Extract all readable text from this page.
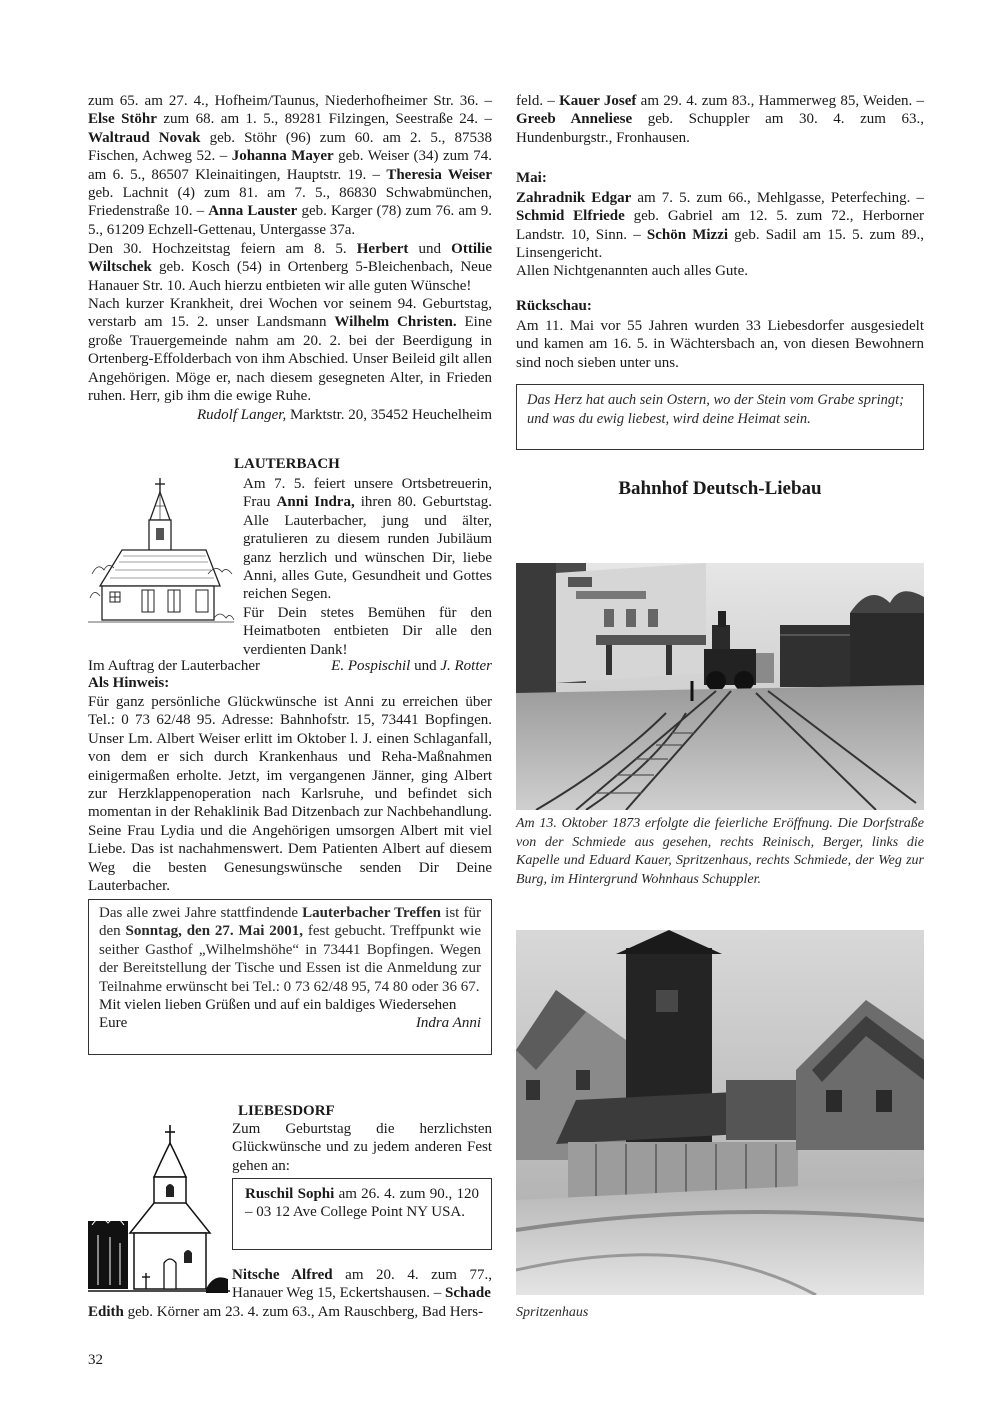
zum 65. am 27. 4., Hofheim/Taunus, Niederhofheimer Str. 36. –Else Stöhr zum 68. am 1. 5., 89281 Filzingen, Seestraße 24. –Waltraud Novak geb. Stöhr (96) zum 60. am 2. 5., 87538 Fischen, Achweg 52. – Johanna Mayer geb. Weiser (34) zum 74. am 6. 5., 86507 Kleinaitingen, Hauptstr. 19. – Theresia Weiser geb. Lachnit (4) zum 81. am 7. 5., 86830 Schwabmünchen, Friedenstraße 10. – Anna Lauster geb. Karger (78) zum 76. am 9. 5., 61209 Echzell-Gettenau, Untergasse 37a.

Den 30. Hochzeitstag feiern am 8. 5. Herbert und Ottilie Wiltschek geb. Kosch (54) in Ortenberg 5-Bleichenbach, Neue Hanauer Str. 10. Auch hierzu entbieten wir alle guten Wünsche!

Nach kurzer Krankheit, drei Wochen vor seinem 94. Geburtstag, verstarb am 15. 2. unser Landsmann Wilhelm Christen. Eine große Trauergemeinde nahm am 20. 2. bei der Beerdigung in Ortenberg-Effolderbach von ihm Abschied. Unser Beileid gilt allen Angehörigen. Möge er, nach diesem gesegneten Alter, in Frieden ruhen. Herr, gib ihm die ewige Ruhe.

Rudolf Langer, Marktstr. 20, 35452 Heuchelheim
LAUTERBACH

Am 7. 5. feiert unsere Ortsbetreuerin, Frau Anni Indra, ihren 80. Geburtstag. Alle Lauterbacher, jung und älter, gratulieren zu diesem runden Jubiläum ganz herzlich und wünschen Dir, liebe Anni, alles Gute, Gesundheit und Gottes reichen Segen.

Für Dein stetes Bemühen für den Heimatboten entbieten Dir alle den verdienten Dank!

Im Auftrag der Lauterbacher	E. Pospischil und J. Rotter
Als Hinweis:

Für ganz persönliche Glückwünsche ist Anni zu erreichen über Tel.: 0 73 62/48 95. Adresse: Bahnhofstr. 15, 73441 Bopfingen. Unser Lm. Albert Weiser erlitt im Oktober l. J. einen Schlaganfall, von dem er sich durch Krankenhaus und Reha-Maßnahmen einigermaßen erholte. Jetzt, im vergangenen Jänner, ging Albert zur Herzklappenoperation nach Karlsruhe, und befindet sich momentan in der Rehaklinik Bad Ditzenbach zur Nachbehandlung. Seine Frau Lydia und die Angehörigen umsorgen Albert mit viel Liebe. Das ist nachahmenswert. Dem Patienten Albert auf diesem Weg die besten Genesungswünsche senden Dir Deine Lauterbacher.

Das alle zwei Jahre stattfindende Lauterbacher Treffen ist für den Sonntag, den 27. Mai 2001, fest gebucht. Treffpunkt wie seither Gasthof „Wilhelmshöhe“ in 73441 Bopfingen. Wegen der Bereitstellung der Tische und Essen ist die Anmeldung zur Teilnahme erwünscht bei Tel.: 0 73 62/48 95, 74 80 oder 36 67.

Mit vielen lieben Grüßen und auf ein baldiges Wiedersehen

Eure	Indra Anni
LIEBESDORF

Zum Geburtstag die herzlichsten Glückwünsche und zu jedem anderen Fest gehen an:

Ruschil Sophi am 26. 4. zum 90., 120 – 03 12 Ave College Point NY USA.

Nitsche Alfred am 20. 4. zum 77., Hanauer Weg 15, Eckertshausen. – Schade

Edith geb. Körner am 23. 4. zum 63., Am Rauschberg, Bad Hers-

32

feld. – Kauer Josef am 29. 4. zum 83., Hammerweg 85, Weiden. – Greeb Anneliese geb. Schuppler am 30. 4. zum 63., Hundenburgstr., Fronhausen.

Mai:

Zahradnik Edgar am 7. 5. zum 66., Mehlgasse, Peterfeching. – Schmid Elfriede geb. Gabriel am 12. 5. zum 72., Herborner Landstr. 10, Sinn. – Schön Mizzi geb. Sadil am 15. 5. zum 89., Linsengericht.

Allen Nichtgenannten auch alles Gute.

Rückschau:

Am 11. Mai vor 55 Jahren wurden 33 Liebesdorfer ausgesiedelt und kamen am 16. 5. in Wächtersbach an, von diesen Bewohnern sind noch sieben unter uns.

Das Herz hat auch sein Ostern, wo der Stein vom Grabe springt;
und was du ewig liebest, wird deine Heimat sein.
Bahnhof Deutsch-Liebau
Am 13. Oktober 1873 erfolgte die feierliche Eröffnung. Die Dorfstraße von der Schmiede aus gesehen, rechts Reinisch, Berger, links die Kapelle und Eduard Kauer, Spritzenhaus, rechts Schmiede, der Weg zur Burg, im Hintergrund Wohnhaus Schuppler.
Spritzenhaus
